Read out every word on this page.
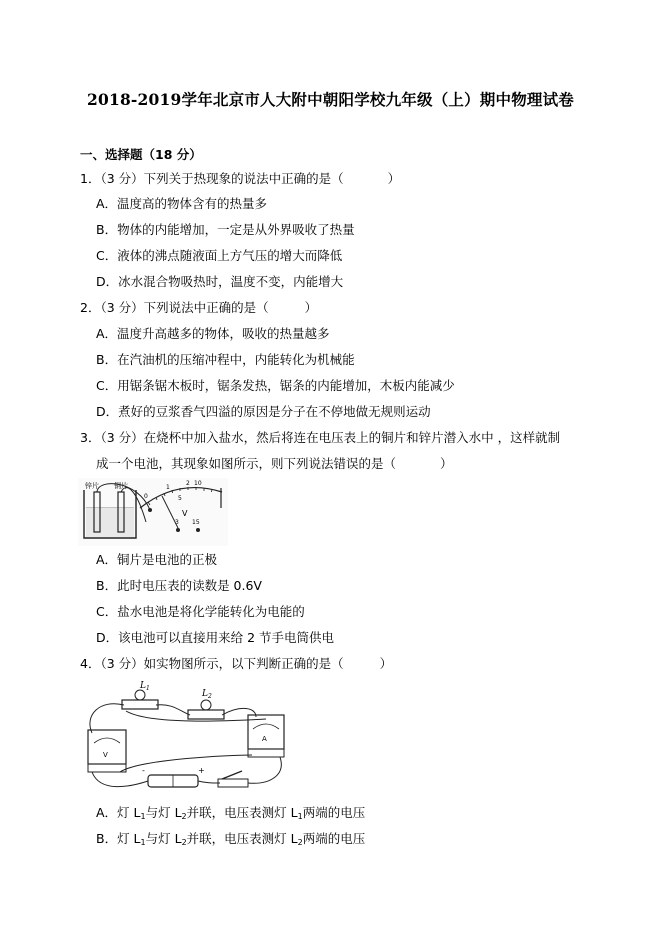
2018-2019学年北京市人大附中朝阳学校九年级（上）期中物理试卷
一、选择题（18 分）
1．（3 分）下列关于热现象的说法中正确的是（	）
A．温度高的物体含有的热量多
B．物体的内能增加，一定是从外界吸收了热量
C．液体的沸点随液面上方气压的增大而降低
D．冰水混合物吸热时，温度不变，内能增大
2．（3 分）下列说法中正确的是（	）
A．温度升高越多的物体，吸收的热量越多
B．在汽油机的压缩冲程中，内能转化为机械能
C．用锯条锯木板时，锯条发热，锯条的内能增加，木板内能减少
D．煮好的豆浆香气四溢的原因是分子在不停地做无规则运动
3．（3 分）在烧杯中加入盐水，然后将连在电压表上的铜片和锌片潜入水中 ，这样就制
成一个电池，其现象如图所示，则下列说法错误的是（	）
锌片 铜片
0
1
2
5
10
V
3 15
A．铜片是电池的正极
B．此时电压表的读数是 0.6V
C．盐水电池是将化学能转化为电能的
D．该电池可以直接用来给 2 节手电筒供电
4．（3 分）如实物图所示，以下判断正确的是（	）
L 1
L 2
V
A
-	+
A．灯 $L_1$与灯 $L_2$并联，电压表测灯 $L_1$两端的电压
B．灯 $L_1$与灯 $L_2$并联，电压表测灯 $L_2$两端的电压
